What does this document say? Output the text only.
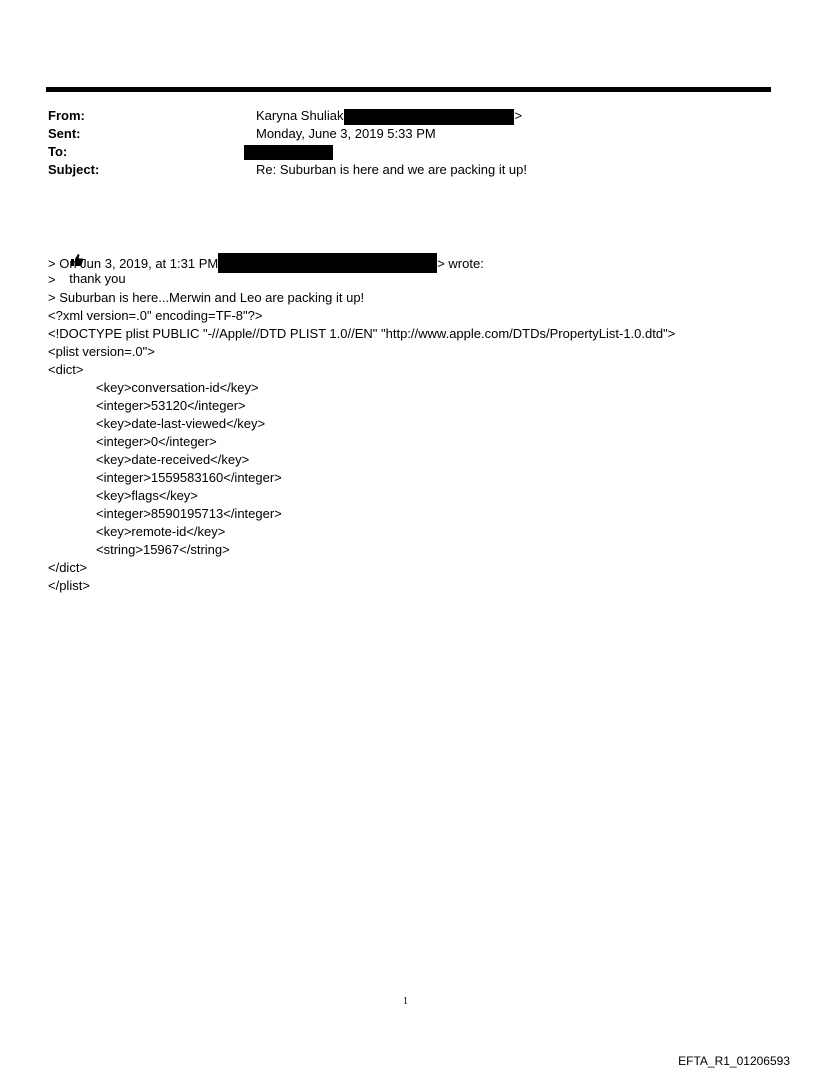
From:	Karyna Shuliak	>
Sent:	Monday, June 3, 2019 5:33 PM
To:
Subject:	Re: Suburban is here and we are packing it up!

thank you

> On Jun 3, 2019, at 1:31 PM	> wrote:
>
> Suburban is here...Merwin and Leo are packing it up!
<?xml version=.0" encoding=TF-8"?>
<!DOCTYPE plist PUBLIC "-//Apple//DTD PLIST 1.0//EN" "http://www.apple.com/DTDs/PropertyList-1.0.dtd">
<plist version=.0">
<dict>
<key>conversation-id</key>
<integer>53120</integer>
<key>date-last-viewed</key>
<integer>0</integer>
<key>date-received</key>
<integer>1559583160</integer>
<key>flags</key>
<integer>8590195713</integer>
<key>remote-id</key>
<string>15967</string>
</dict>
</plist>
1
EFTA_R1_01206593
